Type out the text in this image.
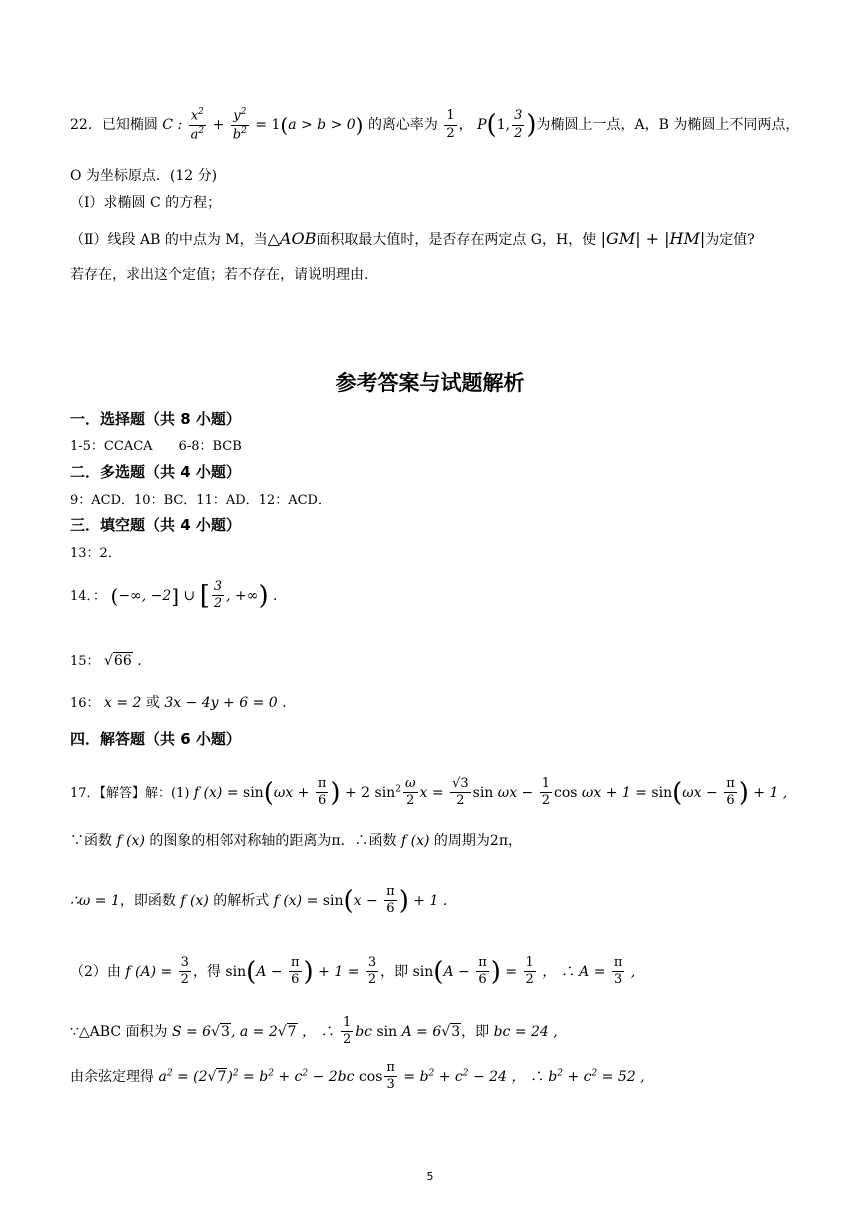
22．已知椭圆 C : $\frac{x^2}{a^2} + \frac{y^2}{b^2} = 1(a > b > 0)$ 的离心率为 $\frac{1}{2}$ ， P(1, $\frac{3}{2}$ )为椭圆上一点，A，B 为椭圆上不同两点，
O 为坐标原点．(12 分)
（Ⅰ）求椭圆 C 的方程；
（Ⅱ）线段 AB 的中点为 M，当△AOB面积取最大值时，是否存在两定点 G，H，使 |GM| + |HM|为定值?
若存在，求出这个定值；若不存在，请说明理由.
参考答案与试题解析
一．选择题（共 8 小题）
1-5：CCACA　　6-8：BCB
二．多选题（共 4 小题）
9：ACD．10：BC．11：AD．12：ACD．
三．填空题（共 4 小题）
13：2．
14．： (−∞, −2] ∪ [ $\frac{3}{2}$ , +∞) .
15： √66 .
16： x = 2 或 3x − 4y + 6 = 0 .
四．解答题（共 6 小题）
17．【解答】解：(1) f $(x) = \sin(\omega x + \frac{\pi}{6}$ ) + 2 $\sin^2 \frac{\omega}{2}$ $x = \frac{√3}{2}$ $\sin \omega x - \frac{1}{2}$ $\cos \omega x + 1 = \sin(\omega x - \frac{\pi}{6}$ ) + 1 ,
∵函数 f (x) 的图象的相邻对称轴的距离为π．∴函数 f (x) 的周期为2π，
∴ω = 1，即函数 f (x) 的解析式 f $(x) = \sin(x - \frac{\pi}{6}$ ) + 1 .
（2）由 f $(A) = \frac{3}{2}$ ，得 $\sin(A - \frac{\pi}{6}$ ) + $1 = \frac{3}{2}$ ，即 $\sin(A - \frac{\pi}{6}$ ) = $\frac{1}{2}$ ， ∴ $A = \frac{\pi}{3}$ ,
∵△ABC 面积为 S = 6√3, a = 2√7 ， ∴ $\frac{1}{2}$ bc sin A = 6√3，即 bc = 24 ,
由余弦定理得 $a^2 = (2√7)^2 = b^2 + c^2 - 2bc$ $\cos \frac{\pi}{3} = b^2 + c^2 - 24$ ， ∴ $b^2 + c^2 = 52$ ,
5
